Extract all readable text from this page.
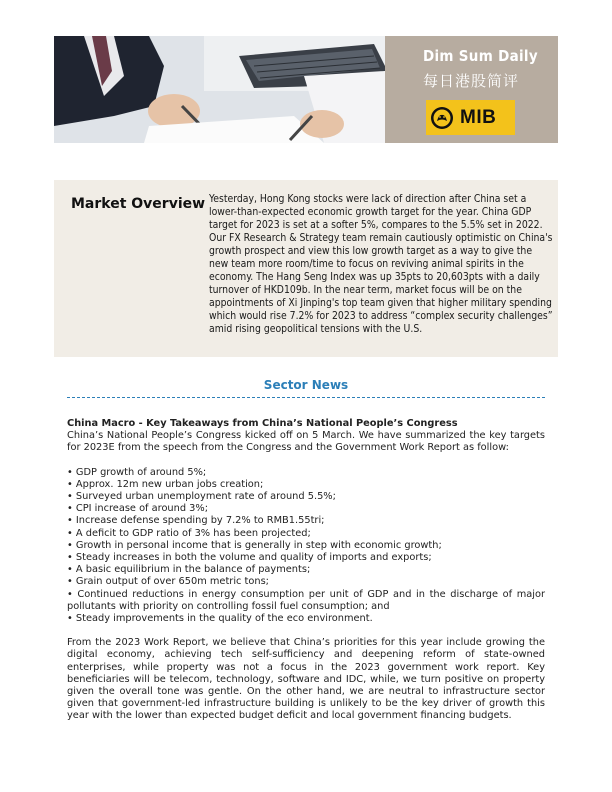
Dim Sum Daily
每日港股简评
MIB
Market Overview Yesterday, Hong Kong stocks were lack of direction after China set a lower-than-expected economic growth target for the year. China GDP target for 2023 is set at a softer 5%, compares to the 5.5% set in 2022. Our FX Research & Strategy team remain cautiously optimistic on China's growth prospect and view this low growth target as a way to give the new team more room/time to focus on reviving animal spirits in the economy. The Hang Seng Index was up 35pts to 20,603pts with a daily turnover of HKD109b. In the near term, market focus will be on the appointments of Xi Jinping's top team given that higher military spending which would rise 7.2% for 2023 to address “complex security challenges” amid rising geopolitical tensions with the U.S.
Sector News

China Macro - Key Takeaways from China’s National People’s Congress

China’s National People’s Congress kicked off on 5 March. We have summarized the key targets for 2023E from the speech from the Congress and the Government Work Report as follow:

• GDP growth of around 5%;
• Approx. 12m new urban jobs creation;
• Surveyed urban unemployment rate of around 5.5%;
• CPI increase of around 3%;
• Increase defense spending by 7.2% to RMB1.55tri;
• A deficit to GDP ratio of 3% has been projected;
• Growth in personal income that is generally in step with economic growth;
• Steady increases in both the volume and quality of imports and exports;
• A basic equilibrium in the balance of payments;
• Grain output of over 650m metric tons;
• Continued reductions in energy consumption per unit of GDP and in the discharge of major pollutants with priority on controlling fossil fuel consumption; and
• Steady improvements in the quality of the eco environment.

From the 2023 Work Report, we believe that China’s priorities for this year include growing the digital economy, achieving tech self-sufficiency and deepening reform of state-owned enterprises, while property was not a focus in the 2023 government work report. Key beneficiaries will be telecom, technology, software and IDC, while, we turn positive on property given the overall tone was gentle. On the other hand, we are neutral to infrastructure sector given that government-led infrastructure building is unlikely to be the key driver of growth this year with the lower than expected budget deficit and local government financing budgets.
